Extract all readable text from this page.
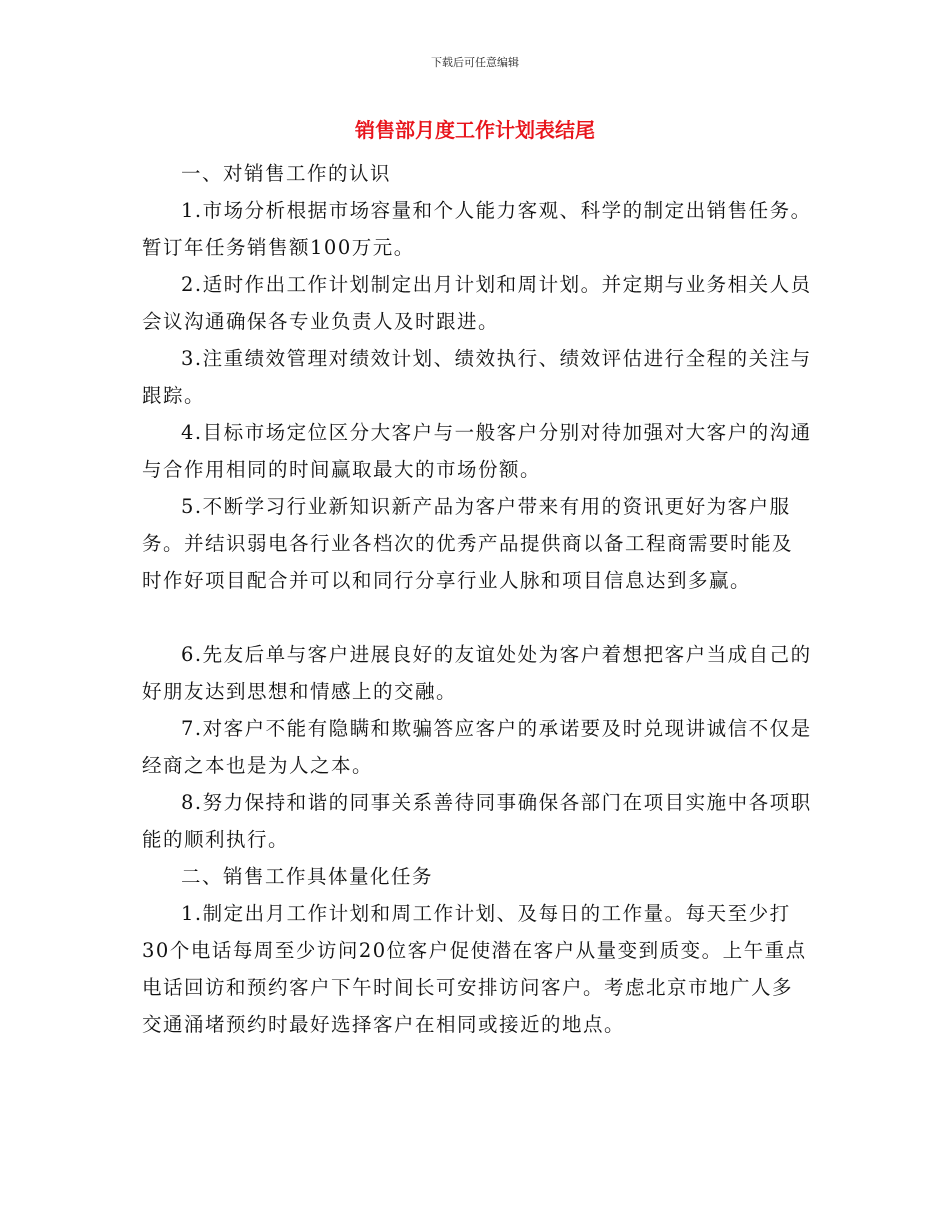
下载后可任意编辑
销售部月度工作计划表结尾

一、对销售工作的认识

1.市场分析根据市场容量和个人能力客观、科学的制定出销售任务。暂订年任务销售额100万元。

2.适时作出工作计划制定出月计划和周计划。并定期与业务相关人员会议沟通确保各专业负责人及时跟进。

3.注重绩效管理对绩效计划、绩效执行、绩效评估进行全程的关注与跟踪。

4.目标市场定位区分大客户与一般客户分别对待加强对大客户的沟通与合作用相同的时间赢取最大的市场份额。

5.不断学习行业新知识新产品为客户带来有用的资讯更好为客户服务。并结识弱电各行业各档次的优秀产品提供商以备工程商需要时能及时作好项目配合并可以和同行分享行业人脉和项目信息达到多赢。

6.先友后单与客户进展良好的友谊处处为客户着想把客户当成自己的好朋友达到思想和情感上的交融。

7.对客户不能有隐瞒和欺骗答应客户的承诺要及时兑现讲诚信不仅是经商之本也是为人之本。

8.努力保持和谐的同事关系善待同事确保各部门在项目实施中各项职能的顺利执行。

二、销售工作具体量化任务

1.制定出月工作计划和周工作计划、及每日的工作量。每天至少打30个电话每周至少访问20位客户促使潜在客户从量变到质变。上午重点电话回访和预约客户下午时间长可安排访问客户。考虑北京市地广人多交通涌堵预约时最好选择客户在相同或接近的地点。
